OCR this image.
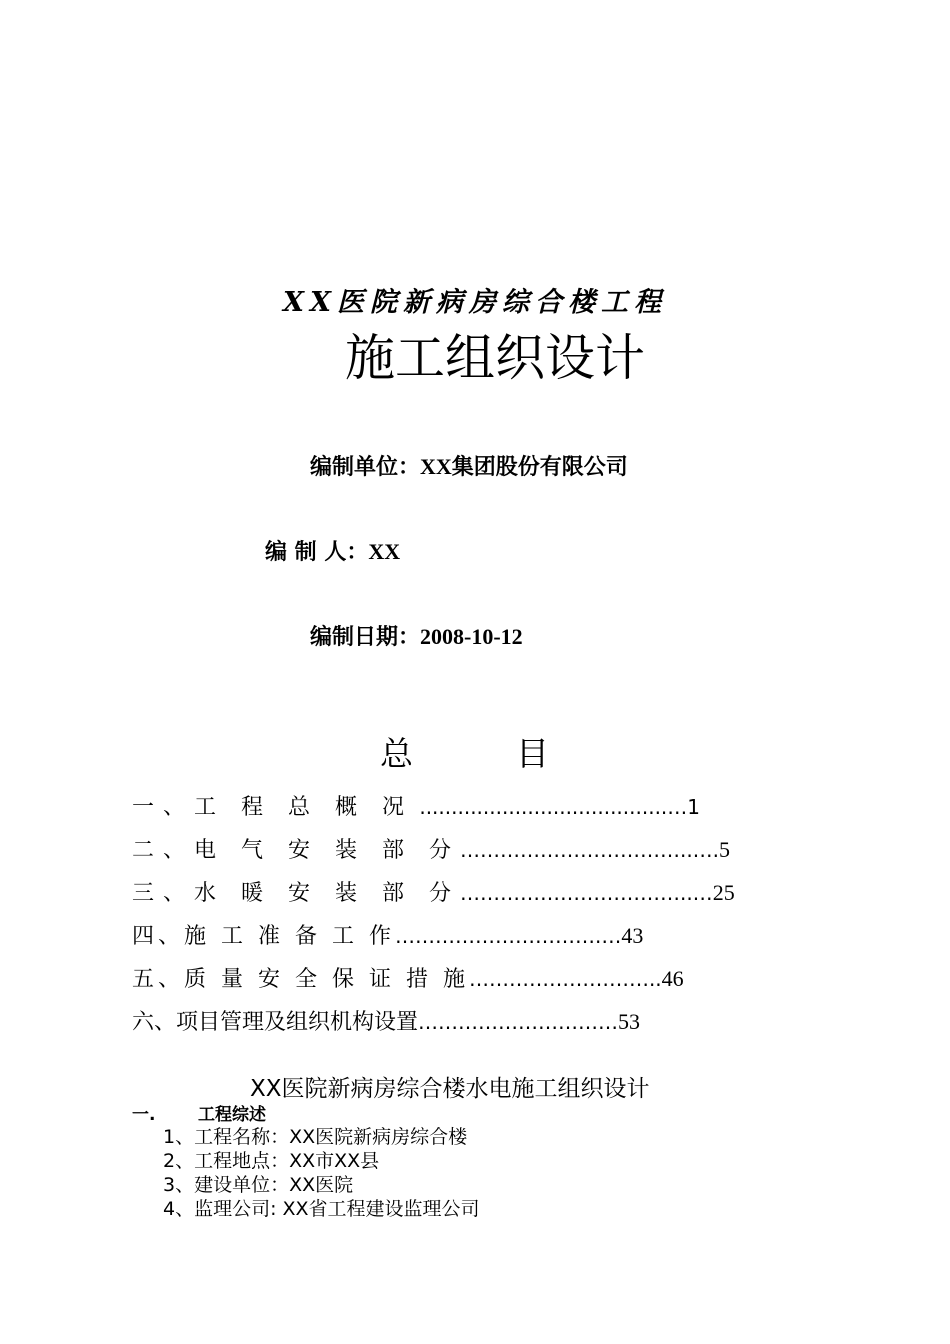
XX医院新病房综合楼工程
施工组织设计
编制单位：XX集团股份有限公司
编 制 人：XX
编制日期：2008-10-12
总	目
一、工 程 总 概 况 .......................................…1
二、电 气 安 装 部 分……………………………..….5
三、水 暖 安 装 部 分……………………………..…25
四、施 工 准 备 工 作………………………….…43
五、质 量 安 全 保 证 措 施………………………..46
六、项目管理及组织机构设置…………………………53
XX医院新病房综合楼水电施工组织设计
一.	工程综述
1、工程名称：XX医院新病房综合楼
2、工程地点：XX市XX县
3、建设单位：XX医院
4、监理公司: XX省工程建设监理公司
